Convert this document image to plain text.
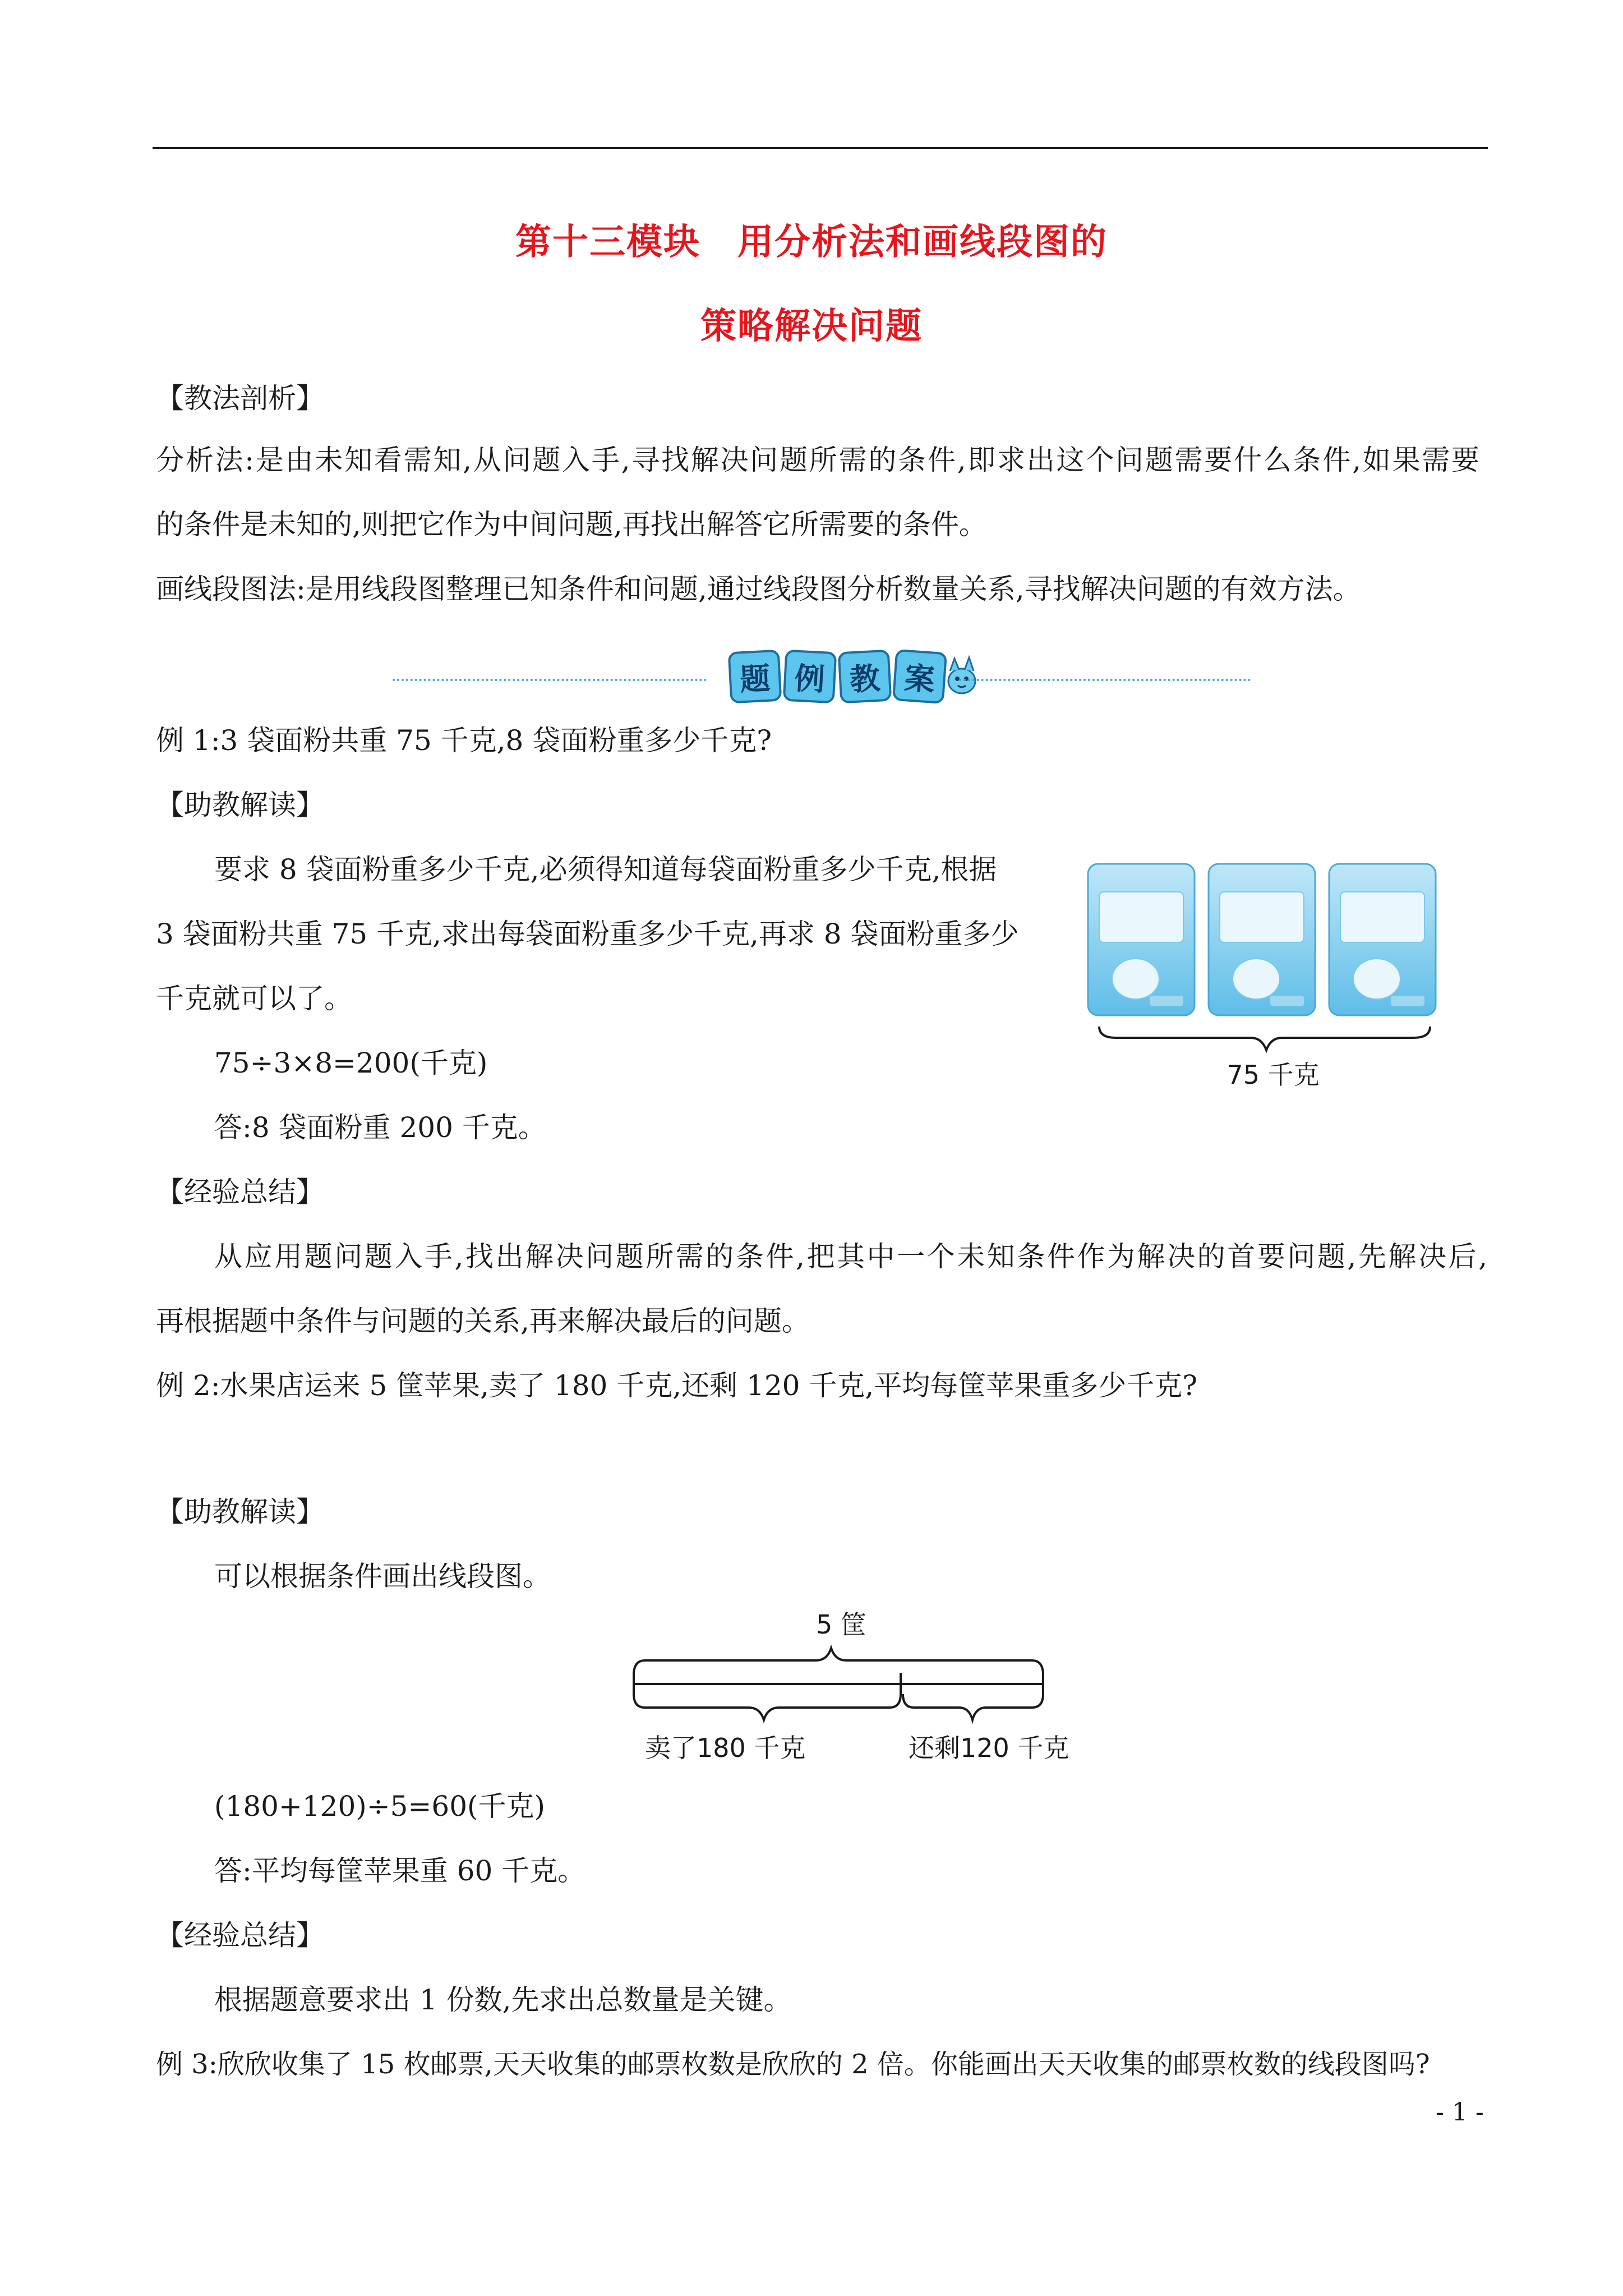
第十三模块　用分析法和画线段图的
策略解决问题
【教法剖析】
分析法:是由未知看需知,从问题入手,寻找解决问题所需的条件,即求出这个问题需要什么条件,如果需要
的条件是未知的,则把它作为中间问题,再找出解答它所需要的条件。
画线段图法:是用线段图整理已知条件和问题,通过线段图分析数量关系,寻找解决问题的有效方法。
题 例 教 案
例 1:3 袋面粉共重 75 千克,8 袋面粉重多少千克?
【助教解读】
要求 8 袋面粉重多少千克,必须得知道每袋面粉重多少千克,根据
3 袋面粉共重 75 千克,求出每袋面粉重多少千克,再求 8 袋面粉重多少
千克就可以了。
75÷3×8=200(千克)
答:8 袋面粉重 200 千克。
75 千克
【经验总结】
从应用题问题入手,找出解决问题所需的条件,把其中一个未知条件作为解决的首要问题,先解决后,
再根据题中条件与问题的关系,再来解决最后的问题。
例 2:水果店运来 5 筐苹果,卖了 180 千克,还剩 120 千克,平均每筐苹果重多少千克?
【助教解读】
可以根据条件画出线段图。
5 筐
卖了180 千克	还剩120 千克
(180+120)÷5=60(千克)
答:平均每筐苹果重 60 千克。
【经验总结】
根据题意要求出 1 份数,先求出总数量是关键。
例 3:欣欣收集了 15 枚邮票,天天收集的邮票枚数是欣欣的 2 倍。你能画出天天收集的邮票枚数的线段图吗?
- 1 -
